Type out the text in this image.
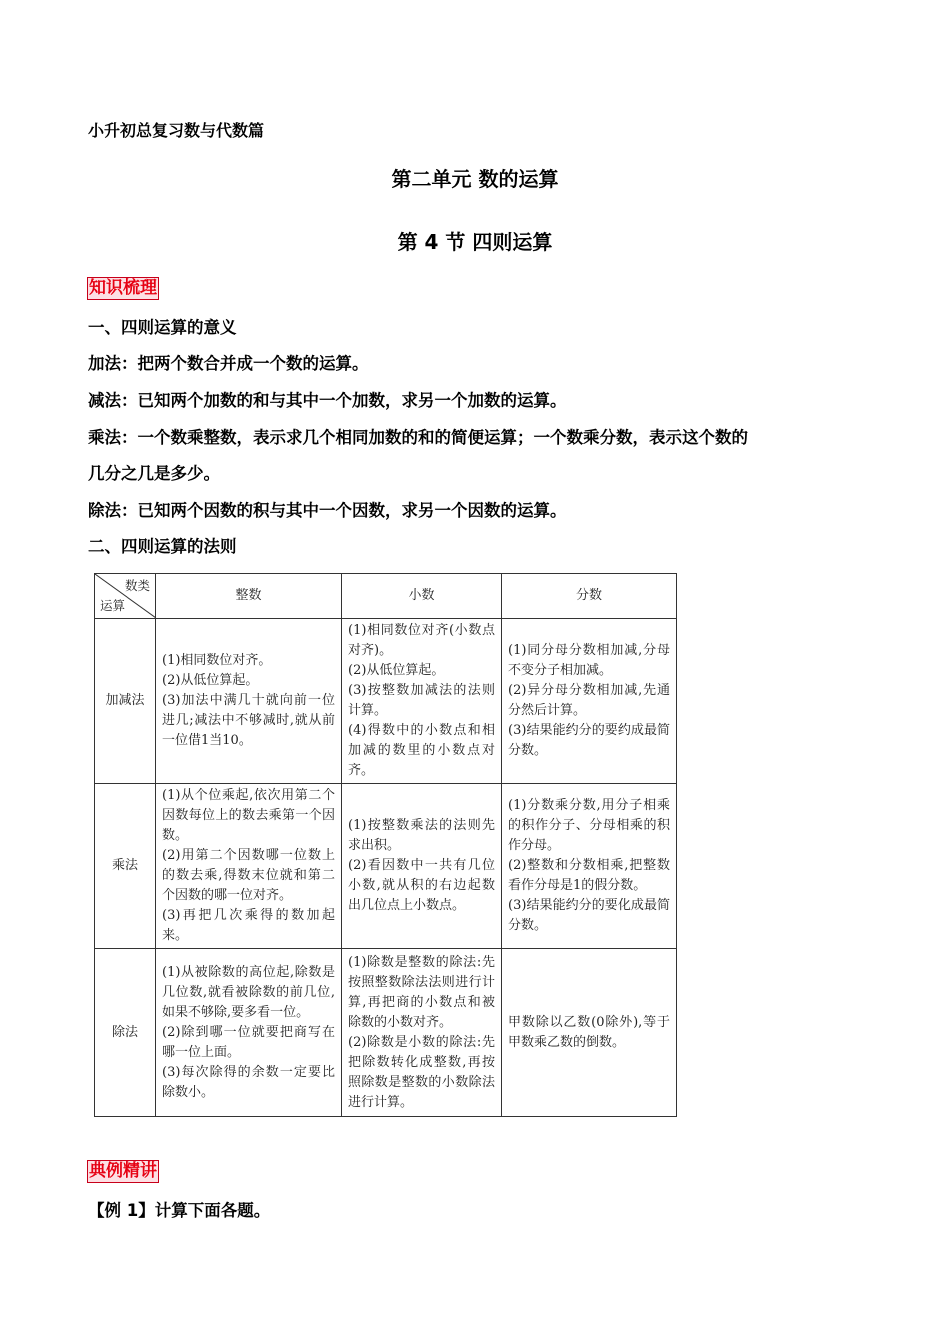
小升初总复习数与代数篇
第二单元 数的运算
第 4 节 四则运算
知识梳理
一、四则运算的意义
加法：把两个数合并成一个数的运算。
减法：已知两个加数的和与其中一个加数，求另一个加数的运算。
乘法：一个数乘整数，表示求几个相同加数的和的简便运算；一个数乘分数，表示这个数的
几分之几是多少。
除法：已知两个因数的积与其中一个因数，求另一个因数的运算。
二、四则运算的法则
数类
运算	整数	小数	分数
加减法	(1)相同数位对齐。
(2)从低位算起。
(3)加法中满几十就向前一位进几;减法中不够减时,就从前一位借1当10。	(1)相同数位对齐(小数点对齐)。
(2)从低位算起。
(3)按整数加减法的法则计算。
(4)得数中的小数点和相加减的数里的小数点对齐。	(1)同分母分数相加减,分母不变分子相加减。
(2)异分母分数相加减,先通分然后计算。
(3)结果能约分的要约成最简分数。
乘法	(1)从个位乘起,依次用第二个因数每位上的数去乘第一个因数。
(2)用第二个因数哪一位数上的数去乘,得数末位就和第二个因数的哪一位对齐。
(3)再把几次乘得的数加起来。	(1)按整数乘法的法则先求出积。
(2)看因数中一共有几位小数,就从积的右边起数出几位点上小数点。	(1)分数乘分数,用分子相乘的积作分子、分母相乘的积作分母。
(2)整数和分数相乘,把整数看作分母是1的假分数。
(3)结果能约分的要化成最简分数。
除法	(1)从被除数的高位起,除数是几位数,就看被除数的前几位,如果不够除,要多看一位。
(2)除到哪一位就要把商写在哪一位上面。
(3)每次除得的余数一定要比除数小。	(1)除数是整数的除法:先按照整数除法法则进行计算,再把商的小数点和被除数的小数对齐。
(2)除数是小数的除法:先把除数转化成整数,再按照除数是整数的小数除法进行计算。	甲数除以乙数(0除外),等于甲数乘乙数的倒数。
典例精讲
【例 1】计算下面各题。
